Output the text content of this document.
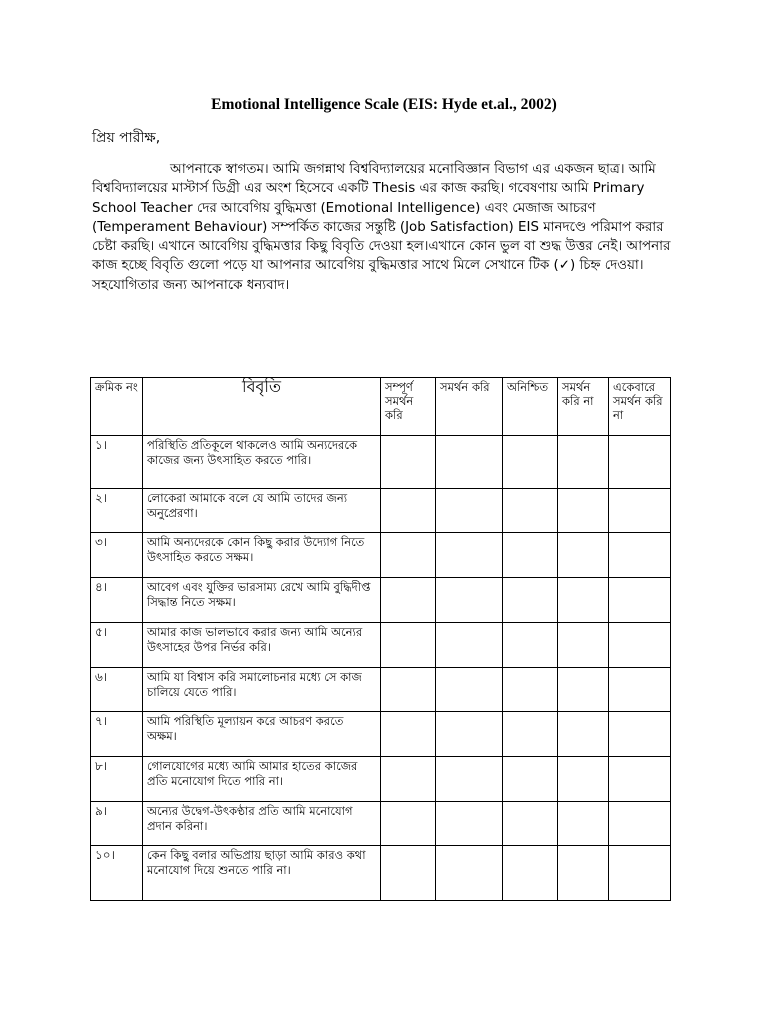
Emotional Intelligence Scale (EIS: Hyde et.al., 2002)
প্রিয় পারীক্ষ,

আপনাকে স্বাগতম। আমি জগন্নাথ বিশ্ববিদ্যালয়ের মনোবিজ্ঞান বিভাগ এর একজন ছাত্র। আমি বিশ্ববিদ্যালয়ের মাস্টার্স ডিগ্রী এর অংশ হিসেবে একটি Thesis এর কাজ করছি। গবেষণায় আমি Primary School Teacher দের আবেগিয় বুদ্ধিমত্তা (Emotional Intelligence) এবং মেজাজ আচরণ (Temperament Behaviour) সম্পর্কিত কাজের সন্তুষ্টি (Job Satisfaction) EIS মানদণ্ডে পরিমাপ করার চেষ্টা করছি। এখানে আবেগিয় বুদ্ধিমত্তার কিছু বিবৃতি দেওয়া হল।এখানে কোন ভুল বা শুদ্ধ উত্তর নেই। আপনার কাজ হচ্ছে বিবৃতি গুলো পড়ে যা আপনার আবেগিয় বুদ্ধিমত্তার সাথে মিলে সেখানে টিক (✓) চিহ্ন দেওয়া।সহযোগিতার জন্য আপনাকে ধন্যবাদ।

ক্রমিক নং	বিবৃতি	সম্পূর্ণ সমর্থন করি	সমর্থন করি	অনিশ্চিত	সমর্থন করি না	একেবারে সমর্থন করি না
১।	পরিস্থিতি প্রতিকূলে থাকলেও আমি অন্যদেরকে কাজের জন্য উৎসাহিত করতে পারি।					
২।	লোকেরা আমাকে বলে যে আমি তাদের জন্য অনুপ্রেরণা।					
৩।	আমি অন্যদেরকে কোন কিছু করার উদ্যোগ নিতে উৎসাহিত করতে সক্ষম।					
৪।	আবেগ এবং যুক্তির ভারসাম্য রেখে আমি বুদ্ধিদীপ্ত সিদ্ধান্ত নিতে সক্ষম।					
৫।	আমার কাজ ভালভাবে করার জন্য আমি অন্যের উৎসাহের উপর নির্ভর করি।					
৬।	আমি যা বিশ্বাস করি সমালোচনার মধ্যে সে কাজ চালিয়ে যেতে পারি।					
৭।	আমি পরিস্থিতি মূল্যায়ন করে আচরণ করতে অক্ষম।					
৮।	গোলযোগের মধ্যে আমি আমার হাতের কাজের প্রতি মনোযোগ দিতে পারি না।					
৯।	অন্যের উদ্বেগ-উৎকণ্ঠার প্রতি আমি মনোযোগ প্রদান করিনা।					
১০।	কেন কিছু বলার অভিপ্রায় ছাড়া আমি কারও কথা মনোযোগ দিয়ে শুনতে পারি না।					
